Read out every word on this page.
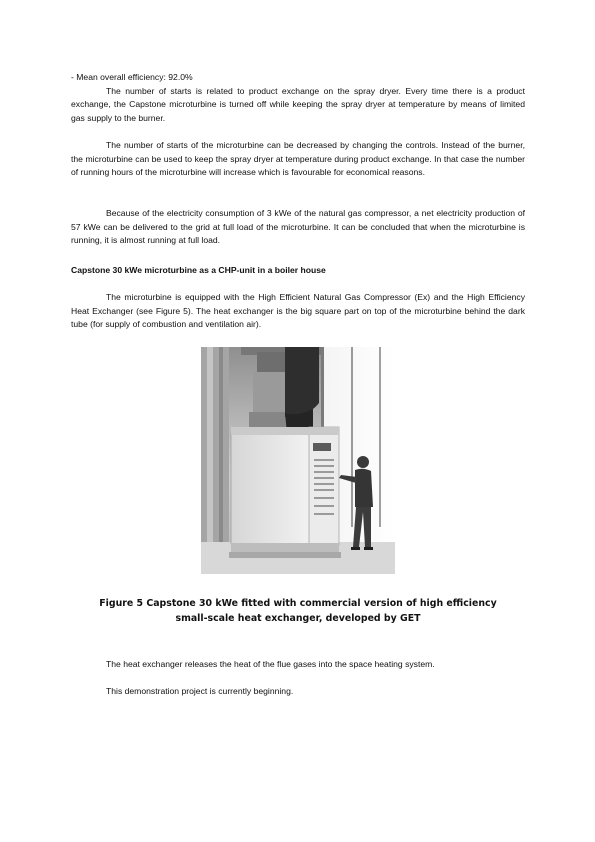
- Mean overall efficiency: 92.0%

The number of starts is related to product exchange on the spray dryer. Every time there is a product exchange, the Capstone microturbine is turned off while keeping the spray dryer at temperature by means of limited gas supply to the burner.

The number of starts of the microturbine can be decreased by changing the controls. Instead of the burner, the microturbine can be used to keep the spray dryer at temperature during product exchange. In that case the number of running hours of the microturbine will increase which is favourable for economical reasons.

Because of the electricity consumption of 3 kWe of the natural gas compressor, a net electricity production of 57 kWe can be delivered to the grid at full load of the microturbine. It can be concluded that when the microturbine is running, it is almost running at full load.

Capstone 30 kWe microturbine as a CHP-unit in a boiler house

The microturbine is equipped with the High Efficient Natural Gas Compressor (Ex) and the High Efficiency Heat Exchanger (see Figure 5). The heat exchanger is the big square part on top of the microturbine behind the dark tube (for supply of combustion and ventilation air).

Figure 5 Capstone 30 kWe fitted with commercial version of high efficiency
small-scale heat exchanger, developed by GET

The heat exchanger releases the heat of the flue gases into the space heating system.

This demonstration project is currently beginning.
